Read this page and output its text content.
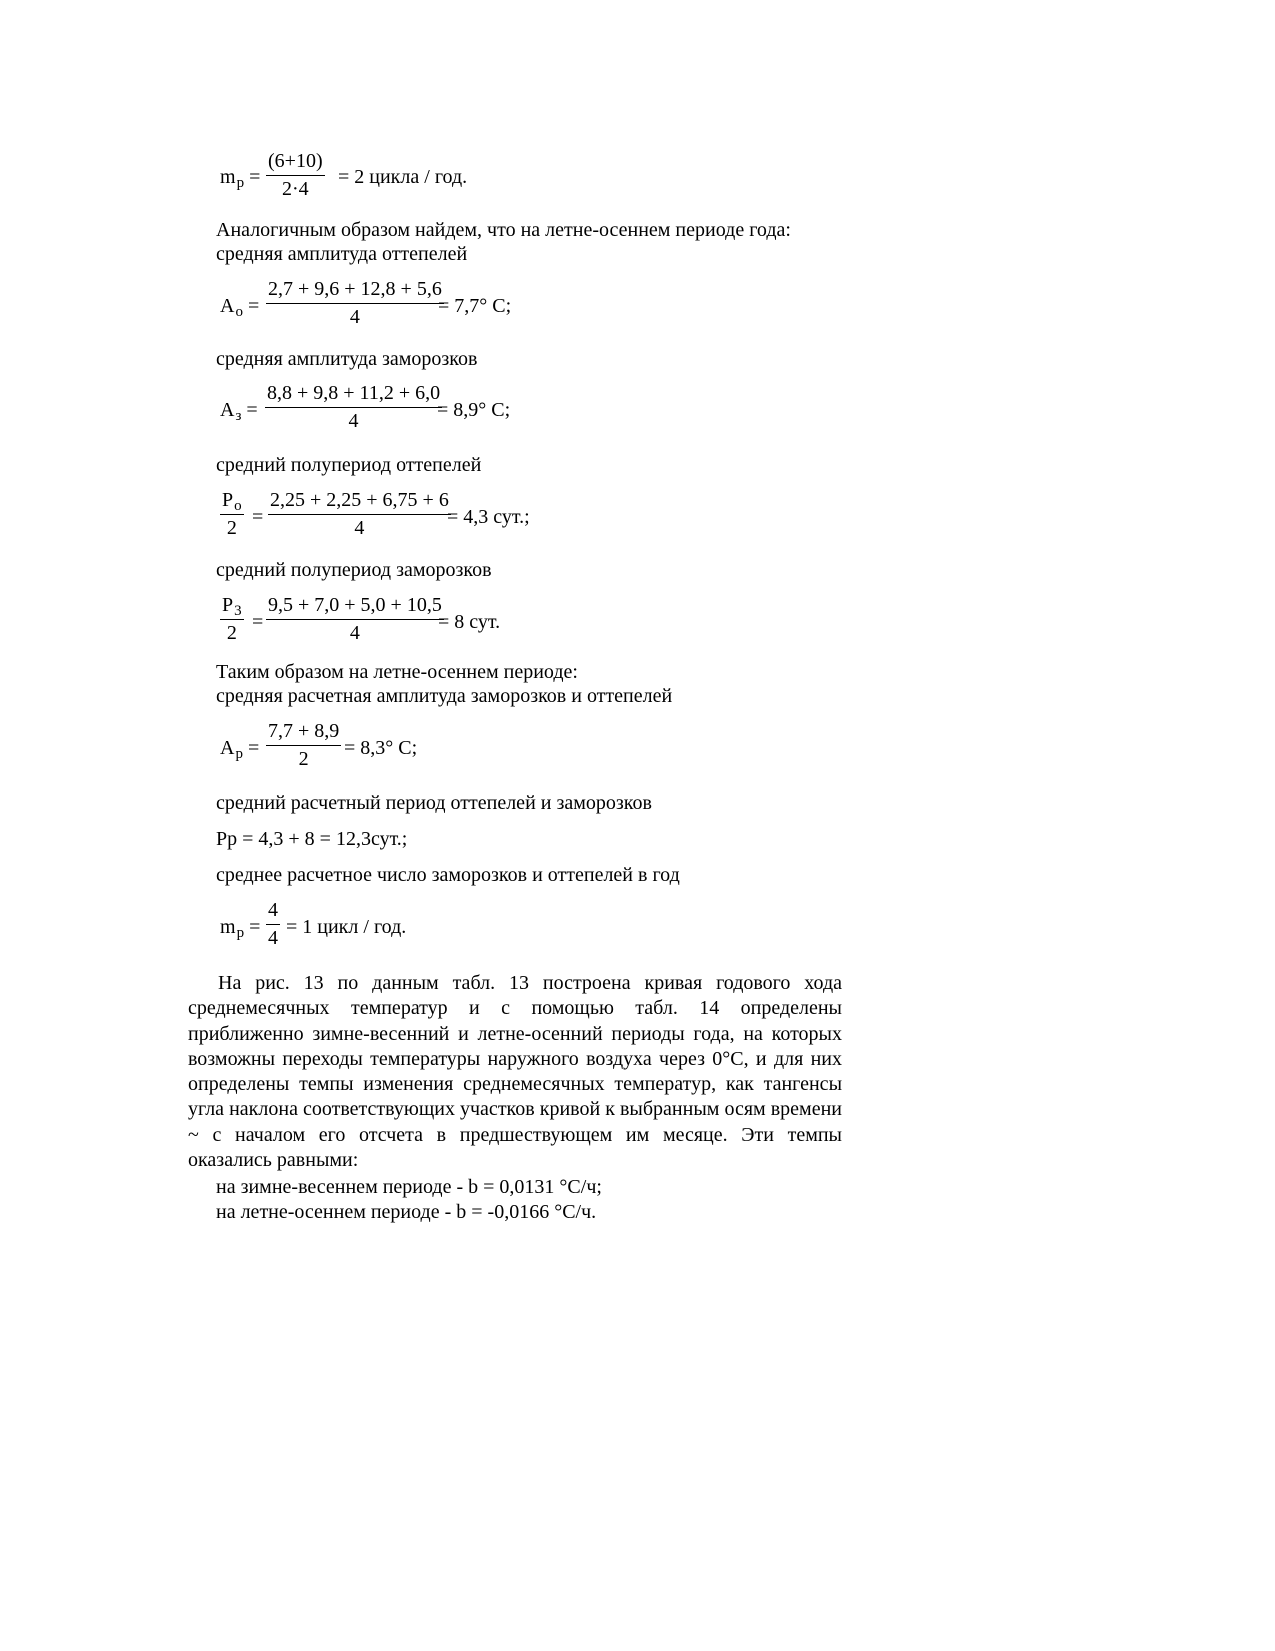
$m_р$ =
(6+10)
2·4
= 2 цикла / год.
Аналогичным образом найдем, что на летне-осеннем периоде года:
средняя амплитуда оттепелей
$A_о$ =
2,7 + 9,6 + 12,8 + 5,6
4	= 7,7° C;
средняя амплитуда заморозков
$A_з$ =
8,8 + 9,8 + 11,2 + 6,0
4	= 8,9° C;
средний полупериод оттепелей
$P_о$
2 =
2,25 + 2,25 + 6,75 + 6
4	= 4,3 сут.;
средний полупериод заморозков
$P_3$
2 =
9,5 + 7,0 + 5,0 + 10,5
4	= 8 сут.
Таким образом на летне-осеннем периоде:
средняя расчетная амплитуда заморозков и оттепелей
$A_р$ =
7,7 + 8,9
2	= 8,3° C;
средний расчетный период оттепелей и заморозков
Рр = 4,3 + 8 = 12,3сут.;
среднее расчетное число заморозков и оттепелей в год
$m_р$ =
4
4 = 1 цикл / год.
На рис. 13 по данным табл. 13 построена кривая годового хода среднемесячных температур и с помощью табл. 14 определены приближенно зимне-весенний и летне-осенний периоды года, на которых возможны переходы температуры наружного воздуха через 0°С, и для них определены темпы изменения среднемесячных температур, как тангенсы угла наклона соответствующих участков кривой к выбранным осям времени ~ с началом его отсчета в предшествующем им месяце. Эти темпы оказались равными:
на зимне-весеннем периоде - b = 0,0131 °С/ч;
на летне-осеннем периоде - b = -0,0166 °С/ч.
